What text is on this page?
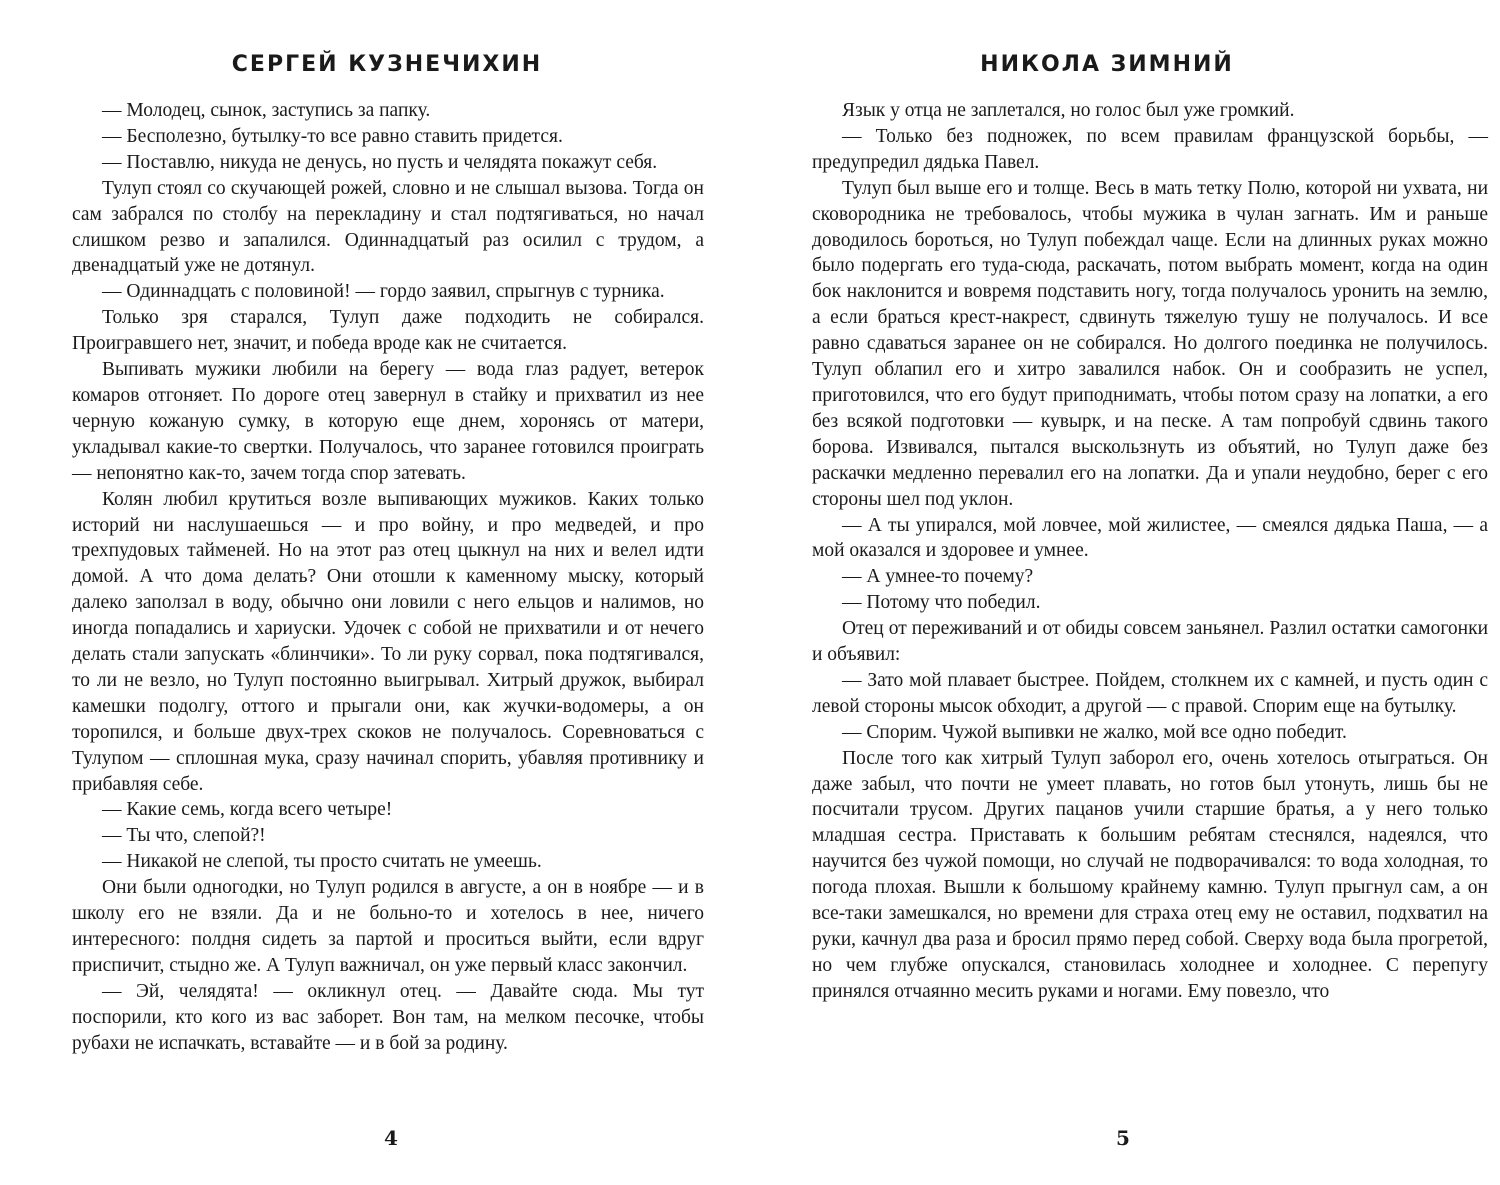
СЕРГЕЙ КУЗНЕЧИХИН

— Молодец, сынок, заступись за папку.

— Бесполезно, бутылку-то все равно ставить придется.

— Поставлю, никуда не денусь, но пусть и челядята покажут себя.

Тулуп стоял со скучающей рожей, словно и не слышал вызова. Тогда он сам забрался по столбу на перекладину и стал подтягиваться, но начал слишком резво и запалился. Одиннадцатый раз осилил с трудом, а двенадцатый уже не дотянул.

— Одиннадцать с половиной! — гордо заявил, спрыгнув с турника.

Только зря старался, Тулуп даже подходить не собирался. Проигравшего нет, значит, и победа вроде как не считается.

Выпивать мужики любили на берегу — вода глаз радует, ветерок комаров отгоняет. По дороге отец завернул в стайку и прихватил из нее черную кожаную сумку, в которую еще днем, хоронясь от матери, укладывал какие-то свертки. Получалось, что заранее готовился проиграть — непонятно как-то, зачем тогда спор затевать.

Колян любил крутиться возле выпивающих мужиков. Каких только историй ни наслушаешься — и про войну, и про медведей, и про трехпудовых таймeней. Но на этот раз отец цыкнул на них и велел идти домой. А что дома делать? Они отошли к каменному мыску, который далеко заползал в воду, обычно они ловили с него ельцов и налимов, но иногда попадались и хариуски. Удочек с собой не прихватили и от нечего делать стали запускать «блинчики». То ли руку сорвал, пока подтягивался, то ли не везло, но Тулуп постоянно выигрывал. Хитрый дружок, выбирал камешки подолгу, оттого и прыгали они, как жучки-водомеры, а он торопился, и больше двух-трех скоков не получалось. Соревноваться с Тулупом — сплошная мука, сразу начинал спорить, убавляя противнику и прибавляя себе.

— Какие семь, когда всего четыре!

— Ты что, слепой?!

— Никакой не слепой, ты просто считать не умеешь.

Они были одногодки, но Тулуп родился в августе, а он в ноябре — и в школу его не взяли. Да и не больно-то и хотелось в нее, ничего интересного: полдня сидеть за партой и проситься выйти, если вдруг приспичит, стыдно же. А Тулуп важничал, он уже первый класс закончил.

— Эй, челядята! — окликнул отец. — Давайте сюда. Мы тут поспорили, кто кого из вас заборет. Вон там, на мелком песочке, чтобы рубахи не испачкать, вставайте — и в бой за родину.

4
НИКОЛА ЗИМНИЙ

Язык у отца не заплетался, но голос был уже громкий.

— Только без подножек, по всем правилам французской борьбы, — предупредил дядька Павел.

Тулуп был выше его и толще. Весь в мать тетку Полю, которой ни ухвата, ни сковородника не требовалось, чтобы мужика в чулан загнать. Им и раньше доводилось бороться, но Тулуп побеждал чаще. Если на длинных руках можно было подергать его туда-сюда, раскачать, потом выбрать момент, когда на один бок наклонится и вовремя подставить ногу, тогда получалось уронить на землю, а если браться крест-накрест, сдвинуть тяжелую тушу не получалось. И все равно сдаваться заранее он не собирался. Но долгого поединка не получилось. Тулуп облапил его и хитро завалился набок. Он и сообразить не успел, приготовился, что его будут приподнимать, чтобы потом сразу на лопатки, а его без всякой подготовки — кувырк, и на песке. А там попробуй сдвинь такого борова. Извивался, пытался выскользнуть из объятий, но Тулуп даже без раскачки медленно перевалил его на лопатки. Да и упали неудобно, берег с его стороны шел под уклон.

— А ты упирался, мой ловчее, мой жилистее, — смеялся дядька Паша, — а мой оказался и здоровее и умнее.

— А умнее-то почему?

— Потому что победил.

Отец от переживаний и от обиды совсем заньянел. Разлил остатки самогонки и объявил:

— Зато мой плавает быстрее. Пойдем, столкнем их с камней, и пусть один с левой стороны мысок обходит, а другой — с правой. Спорим еще на бутылку.

— Спорим. Чужой выпивки не жалко, мой все одно победит.

После того как хитрый Тулуп заборол его, очень хотелось отыграться. Он даже забыл, что почти не умеет плавать, но готов был утонуть, лишь бы не посчитали трусом. Других пацанов учили старшие братья, а у него только младшая сестра. Приставать к большим ребятам стеснялся, надеялся, что научится без чужой помощи, но случай не подворачивался: то вода холодная, то погода плохая. Вышли к большому крайнему камню. Тулуп прыгнул сам, а он все-таки замешкался, но времени для страха отец ему не оставил, подхватил на руки, качнул два раза и бросил прямо перед собой. Сверху вода была прогретой, но чем глубже опускался, становилась холоднее и холоднее. С перепугу принялся отчаянно месить руками и ногами. Ему повезло, что

5
